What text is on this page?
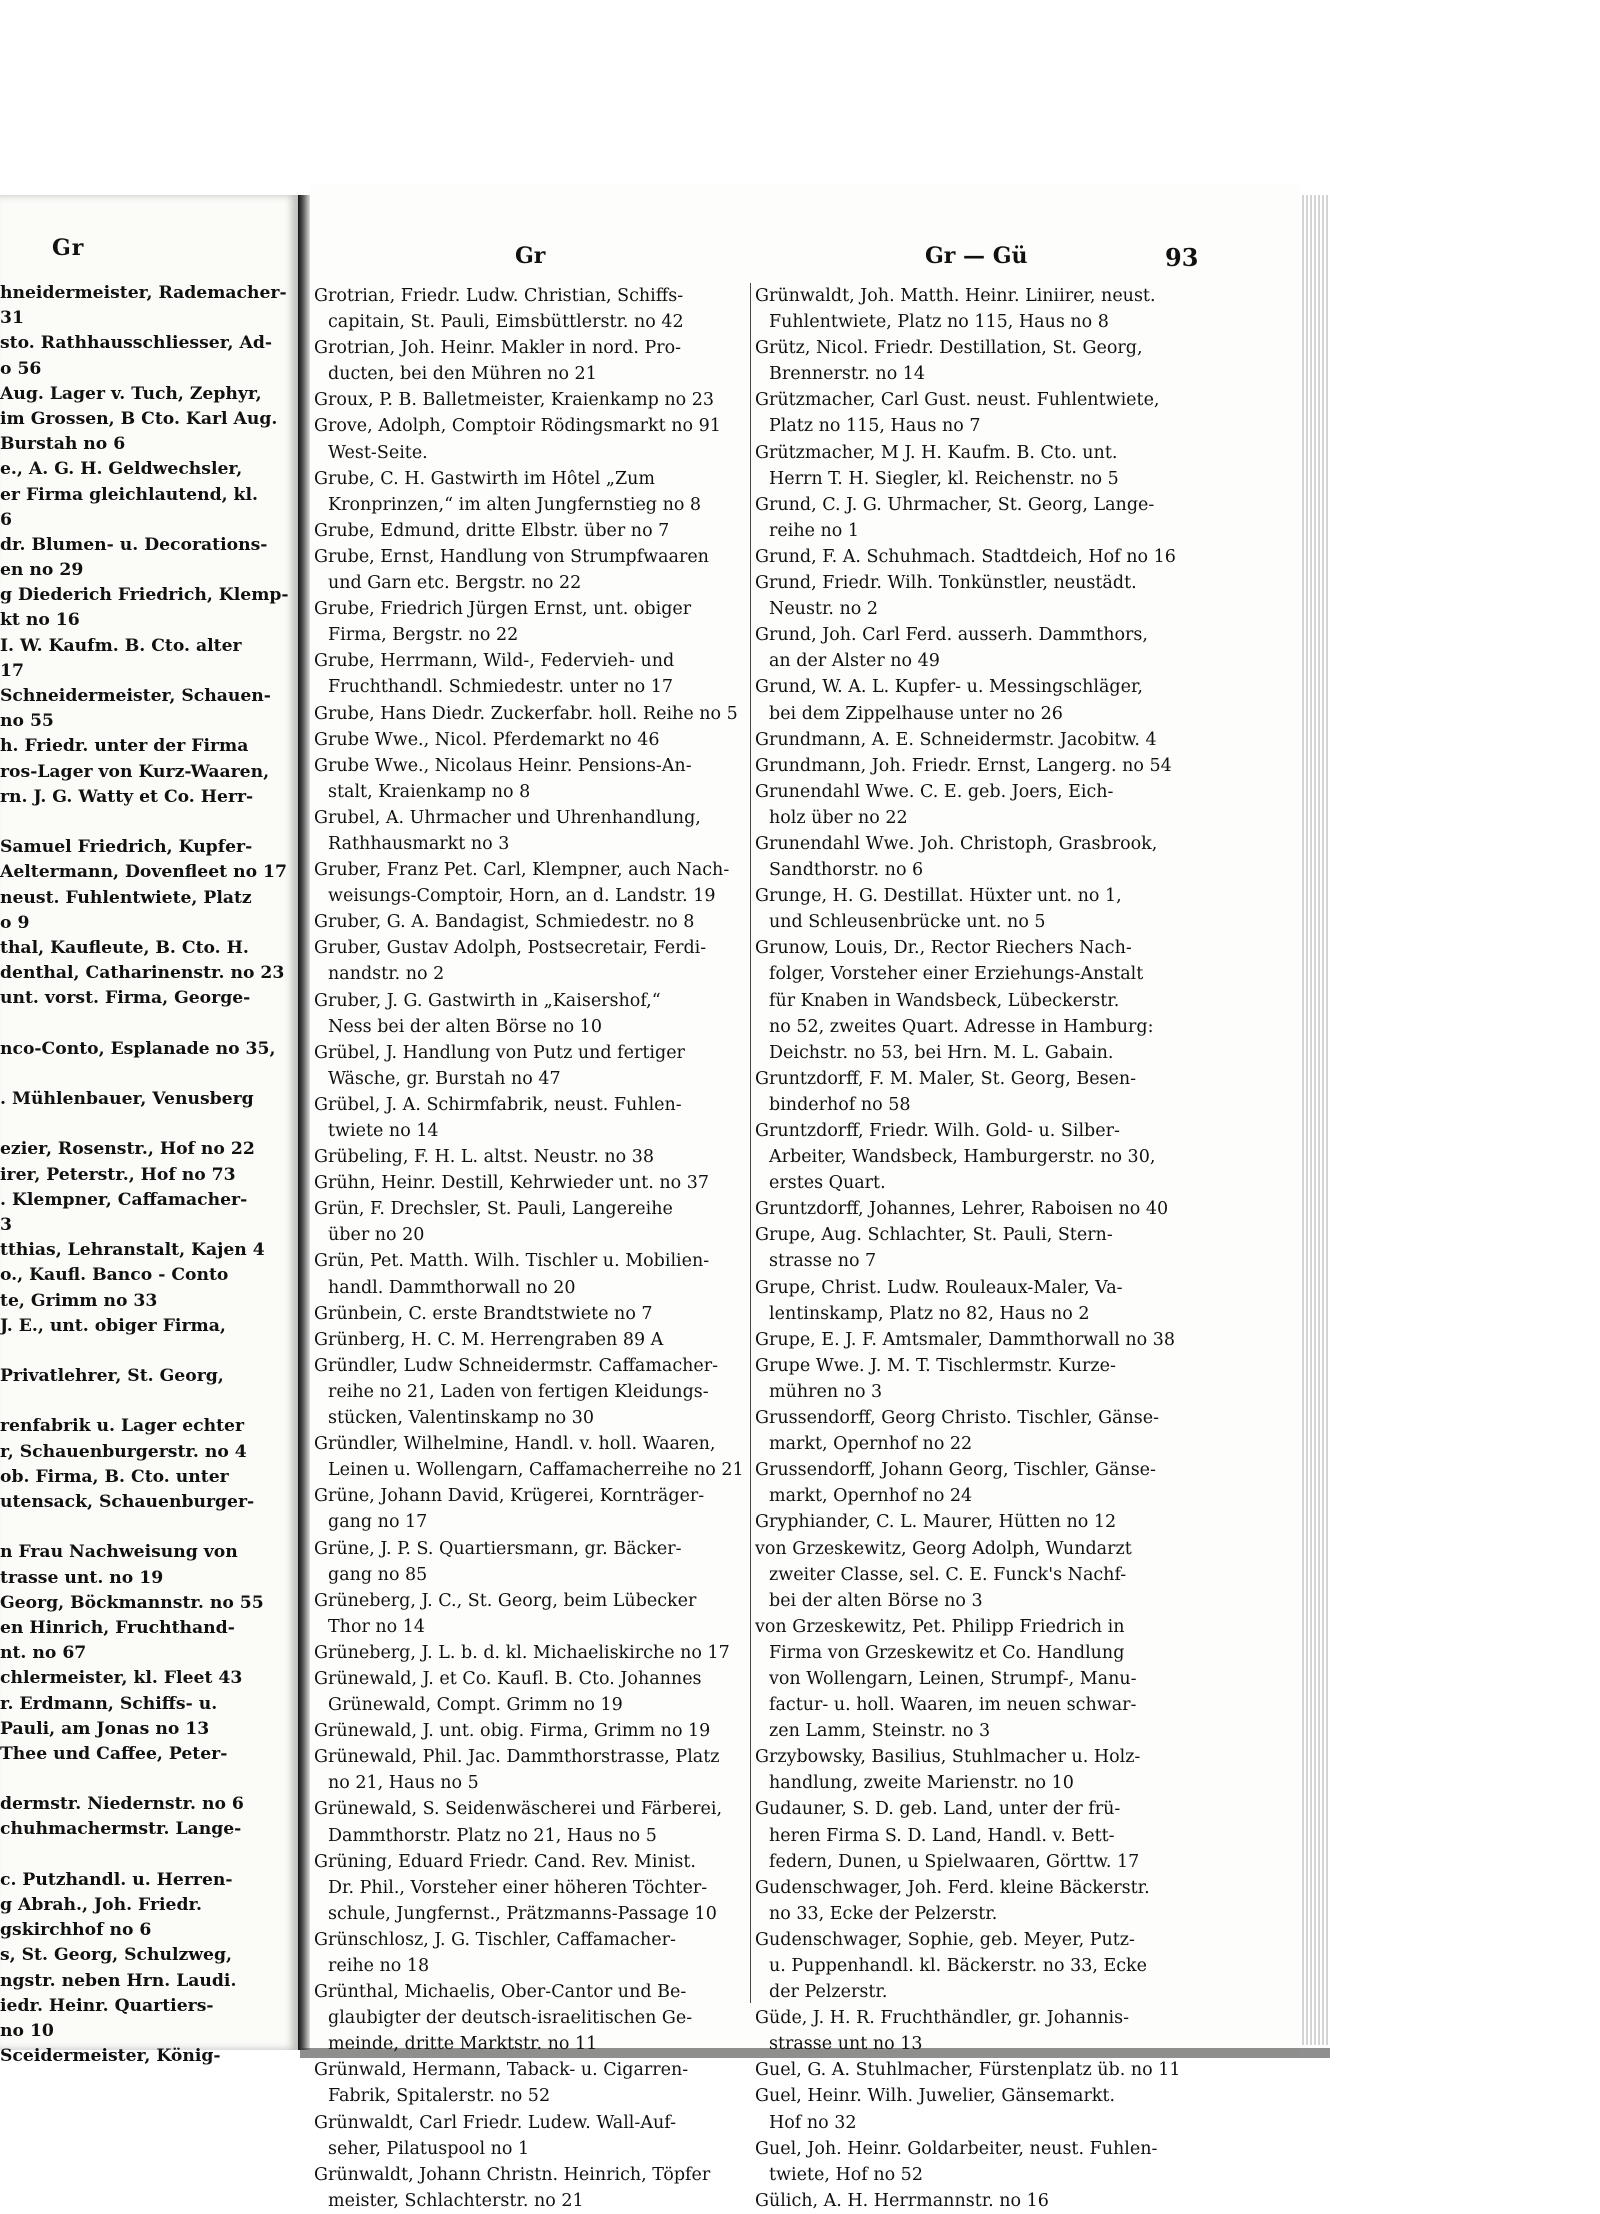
Gr
hneidermeister, Rademacher-
31
sto. Rathhausschliesser, Ad-
o 56
Aug. Lager v. Tuch, Zephyr,
im Grossen, B Cto. Karl Aug.
Burstah no 6
e., A. G. H. Geldwechsler,
er Firma gleichlautend, kl.
6
dr. Blumen- u. Decorations-
en no 29
g Diederich Friedrich, Klemp-
kt no 16
I. W. Kaufm. B. Cto. alter
17
Schneidermeister, Schauen-
no 55
h. Friedr. unter der Firma
ros-Lager von Kurz-Waaren,
rn. J. G. Watty et Co. Herr-
Samuel Friedrich, Kupfer-
Aeltermann, Dovenfleet no 17
neust. Fuhlentwiete, Platz
o 9
thal, Kaufleute, B. Cto. H.
denthal, Catharinenstr. no 23
unt. vorst. Firma, George-
nco-Conto, Esplanade no 35,
. Mühlenbauer, Venusberg
ezier, Rosenstr., Hof no 22
irer, Peterstr., Hof no 73
. Klempner, Caffamacher-
3
tthias, Lehranstalt, Kajen 4
o., Kaufl. Banco - Conto
te, Grimm no 33
J. E., unt. obiger Firma,
Privatlehrer, St. Georg,
renfabrik u. Lager echter
r, Schauenburgerstr. no 4
ob. Firma, B. Cto. unter
utensack, Schauenburger-
n Frau Nachweisung von
trasse unt. no 19
Georg, Böckmannstr. no 55
en Hinrich, Fruchthand-
nt. no 67
chlermeister, kl. Fleet 43
r. Erdmann, Schiffs- u.
Pauli, am Jonas no 13
Thee und Caffee, Peter-
dermstr. Niedernstr. no 6
chuhmachermstr. Lange-
c. Putzhandl. u. Herren-
g Abrah., Joh. Friedr.
gskirchhof no 6
s, St. Georg, Schulzweg,
ngstr. neben Hrn. Laudi.
iedr. Heinr. Quartiers-
no 10
Sceidermeister, König-
Gr	Gr — Gü	93
Grotrian, Friedr. Ludw. Christian, Schiffs-
capitain, St. Pauli, Eimsbüttlerstr. no 42
Grotrian, Joh. Heinr. Makler in nord. Pro-
ducten, bei den Mühren no 21
Groux, P. B. Balletmeister, Kraienkamp no 23
Grove, Adolph, Comptoir Rödingsmarkt no 91
West-Seite.
Grube, C. H. Gastwirth im Hôtel „Zum
Kronprinzen,“ im alten Jungfernstieg no 8
Grube, Edmund, dritte Elbstr. über no 7
Grube, Ernst, Handlung von Strumpfwaaren
und Garn etc. Bergstr. no 22
Grube, Friedrich Jürgen Ernst, unt. obiger
Firma, Bergstr. no 22
Grube, Herrmann, Wild-, Federvieh- und
Fruchthandl. Schmiedestr. unter no 17
Grube, Hans Diedr. Zuckerfabr. holl. Reihe no 5
Grube Wwe., Nicol. Pferdemarkt no 46
Grube Wwe., Nicolaus Heinr. Pensions-An-
stalt, Kraienkamp no 8
Grubel, A. Uhrmacher und Uhrenhandlung,
Rathhausmarkt no 3
Gruber, Franz Pet. Carl, Klempner, auch Nach-
weisungs-Comptoir, Horn, an d. Landstr. 19
Gruber, G. A. Bandagist, Schmiedestr. no 8
Gruber, Gustav Adolph, Postsecretair, Ferdi-
nandstr. no 2
Gruber, J. G. Gastwirth in „Kaisershof,“
Ness bei der alten Börse no 10
Grübel, J. Handlung von Putz und fertiger
Wäsche, gr. Burstah no 47
Grübel, J. A. Schirmfabrik, neust. Fuhlen-
twiete no 14
Grübeling, F. H. L. altst. Neustr. no 38
Grühn, Heinr. Destill, Kehrwieder unt. no 37
Grün, F. Drechsler, St. Pauli, Langereihe
über no 20
Grün, Pet. Matth. Wilh. Tischler u. Mobilien-
handl. Dammthorwall no 20
Grünbein, C. erste Brandtstwiete no 7
Grünberg, H. C. M. Herrengraben 89 A
Gründler, Ludw Schneidermstr. Caffamacher-
reihe no 21, Laden von fertigen Kleidungs-
stücken, Valentinskamp no 30
Gründler, Wilhelmine, Handl. v. holl. Waaren,
Leinen u. Wollengarn, Caffamacherreihe no 21
Grüne, Johann David, Krügerei, Kornträger-
gang no 17
Grüne, J. P. S. Quartiersmann, gr. Bäcker-
gang no 85
Grüneberg, J. C., St. Georg, beim Lübecker
Thor no 14
Grüneberg, J. L. b. d. kl. Michaeliskirche no 17
Grünewald, J. et Co. Kaufl. B. Cto. Johannes
Grünewald, Compt. Grimm no 19
Grünewald, J. unt. obig. Firma, Grimm no 19
Grünewald, Phil. Jac. Dammthorstrasse, Platz
no 21, Haus no 5
Grünewald, S. Seidenwäscherei und Färberei,
Dammthorstr. Platz no 21, Haus no 5
Grüning, Eduard Friedr. Cand. Rev. Minist.
Dr. Phil., Vorsteher einer höheren Töchter-
schule, Jungfernst., Prätzmanns-Passage 10
Grünschlosz, J. G. Tischler, Caffamacher-
reihe no 18
Grünthal, Michaelis, Ober-Cantor und Be-
glaubigter der deutsch-israelitischen Ge-
meinde, dritte Marktstr. no 11
Grünwald, Hermann, Taback- u. Cigarren-
Fabrik, Spitalerstr. no 52
Grünwaldt, Carl Friedr. Ludew. Wall-Auf-
seher, Pilatuspool no 1
Grünwaldt, Johann Christn. Heinrich, Töpfer
meister, Schlachterstr. no 21
Grünwaldt, Joh. Matth. Heinr. Liniirer, neust.
Fuhlentwiete, Platz no 115, Haus no 8
Grütz, Nicol. Friedr. Destillation, St. Georg,
Brennerstr. no 14
Grützmacher, Carl Gust. neust. Fuhlentwiete,
Platz no 115, Haus no 7
Grützmacher, M J. H. Kaufm. B. Cto. unt.
Herrn T. H. Siegler, kl. Reichenstr. no 5
Grund, C. J. G. Uhrmacher, St. Georg, Lange-
reihe no 1
Grund, F. A. Schuhmach. Stadtdeich, Hof no 16
Grund, Friedr. Wilh. Tonkünstler, neustädt.
Neustr. no 2
Grund, Joh. Carl Ferd. ausserh. Dammthors,
an der Alster no 49
Grund, W. A. L. Kupfer- u. Messingschläger,
bei dem Zippelhause unter no 26
Grundmann, A. E. Schneidermstr. Jacobitw. 4
Grundmann, Joh. Friedr. Ernst, Langerg. no 54
Grunendahl Wwe. C. E. geb. Joers, Eich-
holz über no 22
Grunendahl Wwe. Joh. Christoph, Grasbrook,
Sandthorstr. no 6
Grunge, H. G. Destillat. Hüxter unt. no 1,
und Schleusenbrücke unt. no 5
Grunow, Louis, Dr., Rector Riechers Nach-
folger, Vorsteher einer Erziehungs-Anstalt
für Knaben in Wandsbeck, Lübeckerstr.
no 52, zweites Quart. Adresse in Hamburg:
Deichstr. no 53, bei Hrn. M. L. Gabain.
Gruntzdorff, F. M. Maler, St. Georg, Besen-
binderhof no 58
Gruntzdorff, Friedr. Wilh. Gold- u. Silber-
Arbeiter, Wandsbeck, Hamburgerstr. no 30,
erstes Quart.
Gruntzdorff, Johannes, Lehrer, Raboisen no 40
Grupe, Aug. Schlachter, St. Pauli, Stern-
strasse no 7
Grupe, Christ. Ludw. Rouleaux-Maler, Va-
lentinskamp, Platz no 82, Haus no 2
Grupe, E. J. F. Amtsmaler, Dammthorwall no 38
Grupe Wwe. J. M. T. Tischlermstr. Kurze-
mühren no 3
Grussendorff, Georg Christo. Tischler, Gänse-
markt, Opernhof no 22
Grussendorff, Johann Georg, Tischler, Gänse-
markt, Opernhof no 24
Gryphiander, C. L. Maurer, Hütten no 12
von Grzeskewitz, Georg Adolph, Wundarzt
zweiter Classe, sel. C. E. Funck's Nachf-
bei der alten Börse no 3
von Grzeskewitz, Pet. Philipp Friedrich in
Firma von Grzeskewitz et Co. Handlung
von Wollengarn, Leinen, Strumpf-, Manu-
factur- u. holl. Waaren, im neuen schwar-
zen Lamm, Steinstr. no 3
Grzybowsky, Basilius, Stuhlmacher u. Holz-
handlung, zweite Marienstr. no 10
Gudauner, S. D. geb. Land, unter der frü-
heren Firma S. D. Land, Handl. v. Bett-
federn, Dunen, u Spielwaaren, Görttw. 17
Gudenschwager, Joh. Ferd. kleine Bäckerstr.
no 33, Ecke der Pelzerstr.
Gudenschwager, Sophie, geb. Meyer, Putz-
u. Puppenhandl. kl. Bäckerstr. no 33, Ecke
der Pelzerstr.
Güde, J. H. R. Fruchthändler, gr. Johannis-
strasse unt no 13
Guel, G. A. Stuhlmacher, Fürstenplatz üb. no 11
Guel, Heinr. Wilh. Juwelier, Gänsemarkt.
Hof no 32
Guel, Joh. Heinr. Goldarbeiter, neust. Fuhlen-
twiete, Hof no 52
Gülich, A. H. Herrmannstr. no 16
